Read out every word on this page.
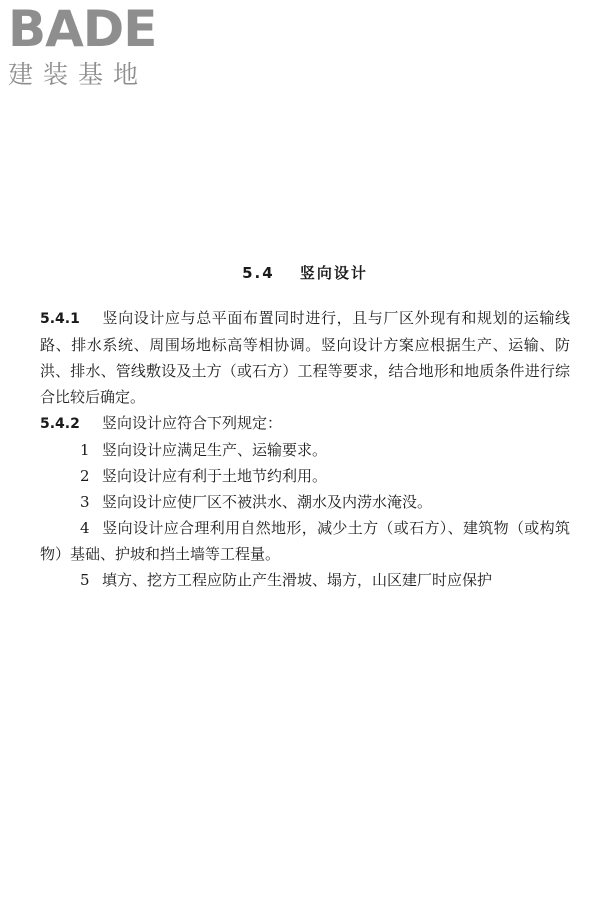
BADE
建装基地
5.4 竖向设计

5.4.1 竖向设计应与总平面布置同时进行，且与厂区外现有和规划的运输线路、排水系统、周围场地标高等相协调。竖向设计方案应根据生产、运输、防洪、排水、管线敷设及土方（或石方）工程等要求，结合地形和地质条件进行综合比较后确定。

5.4.2 竖向设计应符合下列规定：

1 竖向设计应满足生产、运输要求。

2 竖向设计应有利于土地节约利用。

3 竖向设计应使厂区不被洪水、潮水及内涝水淹没。

4 竖向设计应合理利用自然地形，减少土方（或石方）、建筑物（或构筑物）基础、护坡和挡土墙等工程量。

5 填方、挖方工程应防止产生滑坡、塌方，山区建厂时应保护
